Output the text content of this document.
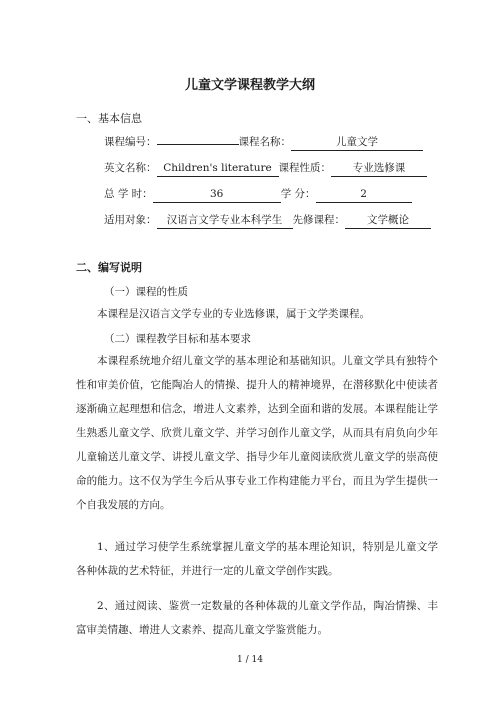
儿童文学课程教学大纲
一、基本信息
课程编号：	课程名称：	儿童文学
英文名称： Children's literature 课程性质：	专业选修课
总 学 时：	36	学 分：	2
适用对象： 汉语言文学专业本科学生 先修课程：	文学概论
二、编写说明
（一）课程的性质
本课程是汉语言文学专业的专业选修课，属于文学类课程。
（二）课程教学目标和基本要求
本课程系统地介绍儿童文学的基本理论和基础知识。儿童文学具有独特个性和审美价值，它能陶冶人的情操、提升人的精神境界，在潜移默化中使读者逐渐确立起理想和信念，增进人文素养，达到全面和谐的发展。本课程能让学生熟悉儿童文学、欣赏儿童文学、并学习创作儿童文学，从而具有肩负向少年儿童输送儿童文学、讲授儿童文学、指导少年儿童阅读欣赏儿童文学的崇高使命的能力。这不仅为学生今后从事专业工作构建能力平台，而且为学生提供一个自我发展的方向。
1、通过学习使学生系统掌握儿童文学的基本理论知识，特别是儿童文学各种体裁的艺术特征，并进行一定的儿童文学创作实践。
2、通过阅读、鉴赏一定数量的各种体裁的儿童文学作品，陶冶情操、丰富审美情趣、增进人文素养、提高儿童文学鉴赏能力。
1 / 14
